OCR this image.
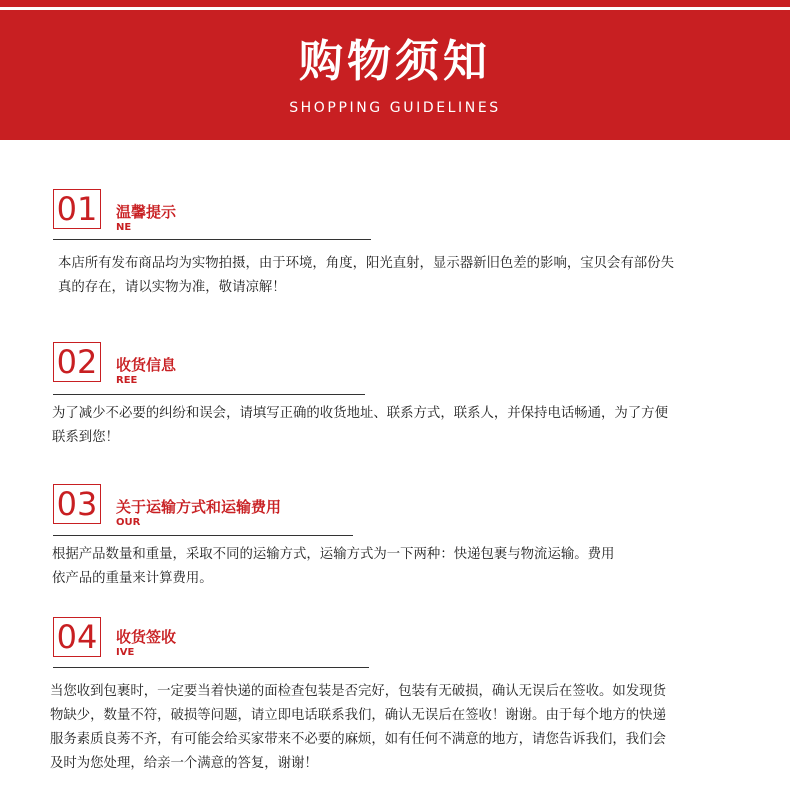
购物须知
SHOPPING GUIDELINES
01 温馨提示
NE
本店所有发布商品均为实物拍摄，由于环境，角度，阳光直射，显示器新旧色差的影响，宝贝会有部份失
真的存在，请以实物为准，敬请凉解！
02 收货信息
REE
为了减少不必要的纠纷和误会，请填写正确的收货地址、联系方式，联系人，并保持电话畅通，为了方便
联系到您！
03 关于运输方式和运输费用
OUR
根据产品数量和重量，采取不同的运输方式，运输方式为一下两种：快递包裹与物流运输。费用
依产品的重量来计算费用。
04 收货签收
IVE
当您收到包裹时，一定要当着快递的面检查包装是否完好，包装有无破损，确认无误后在签收。如发现货
物缺少，数量不符，破损等问题，请立即电话联系我们，确认无误后在签收！谢谢。由于每个地方的快递
服务素质良莠不齐，有可能会给买家带来不必要的麻烦，如有任何不满意的地方，请您告诉我们，我们会
及时为您处理，给亲一个满意的答复，谢谢！
